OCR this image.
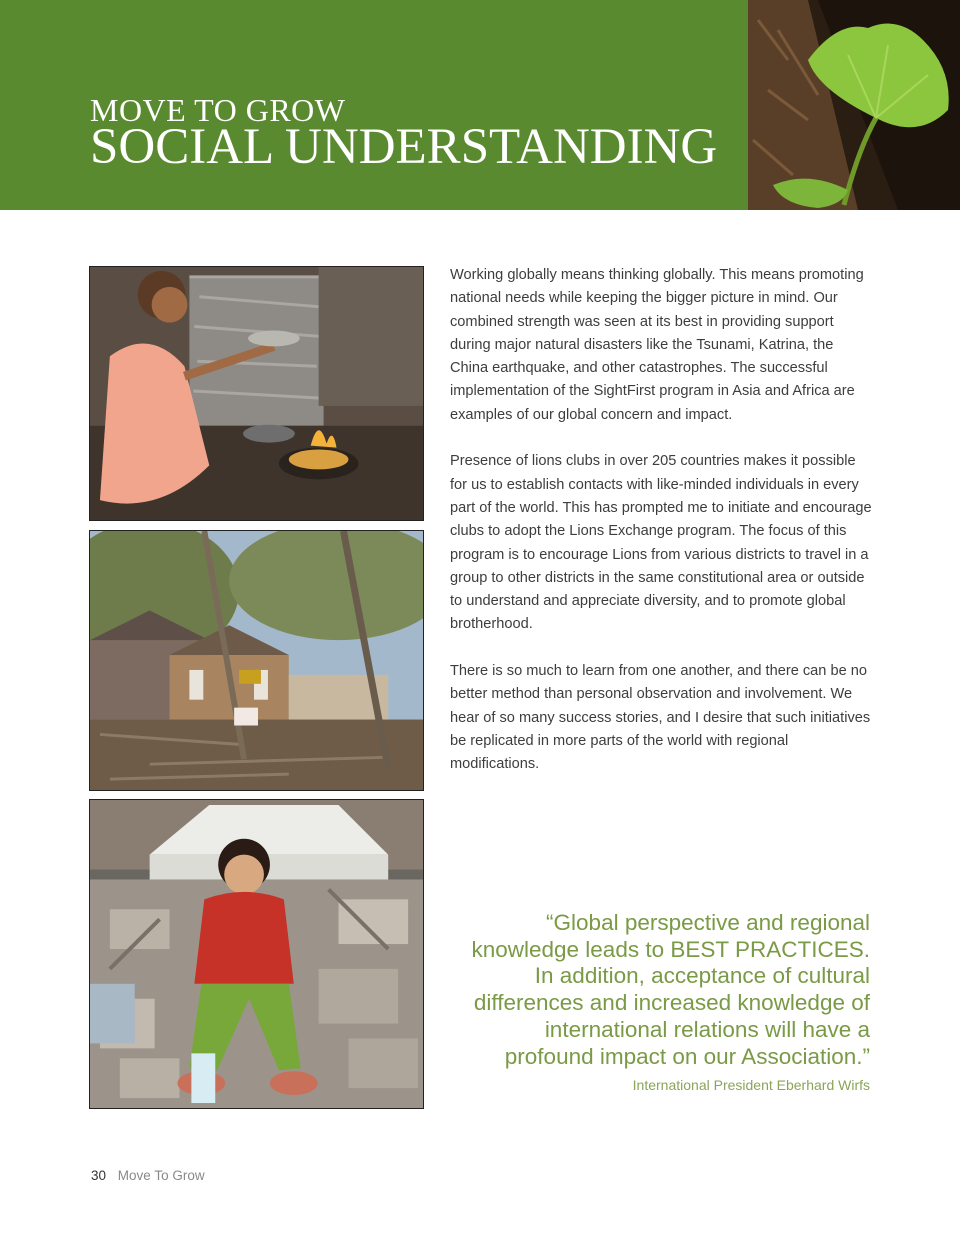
MOVE TO GROW
SOCIAL UNDERSTANDING

Working globally means thinking globally. This means promoting national needs while keeping the bigger picture in mind. Our combined strength was seen at its best in providing support during major natural disasters like the Tsunami, Katrina, the China earthquake, and other catastrophes. The successful implementation of the SightFirst program in Asia and Africa are examples of our global concern and impact.

Presence of lions clubs in over 205 countries makes it possible for us to establish contacts with like-minded individuals in every part of the world. This has prompted me to initiate and encourage clubs to adopt the Lions Exchange program. The focus of this program is to encourage Lions from various districts to travel in a group to other districts in the same constitutional area or outside to understand and appreciate diversity, and to promote global brotherhood.

There is so much to learn from one another, and there can be no better method than personal observation and involvement. We hear of so many success stories, and I desire that such initiatives be replicated in more parts of the world with regional modifications.

“Global perspective and regional
knowledge leads to BEST PRACTICES.
In addition, acceptance of cultural
differences and increased knowledge of
international relations will have a
profound impact on our Association.”
International President Eberhard Wirfs
30 Move To Grow
